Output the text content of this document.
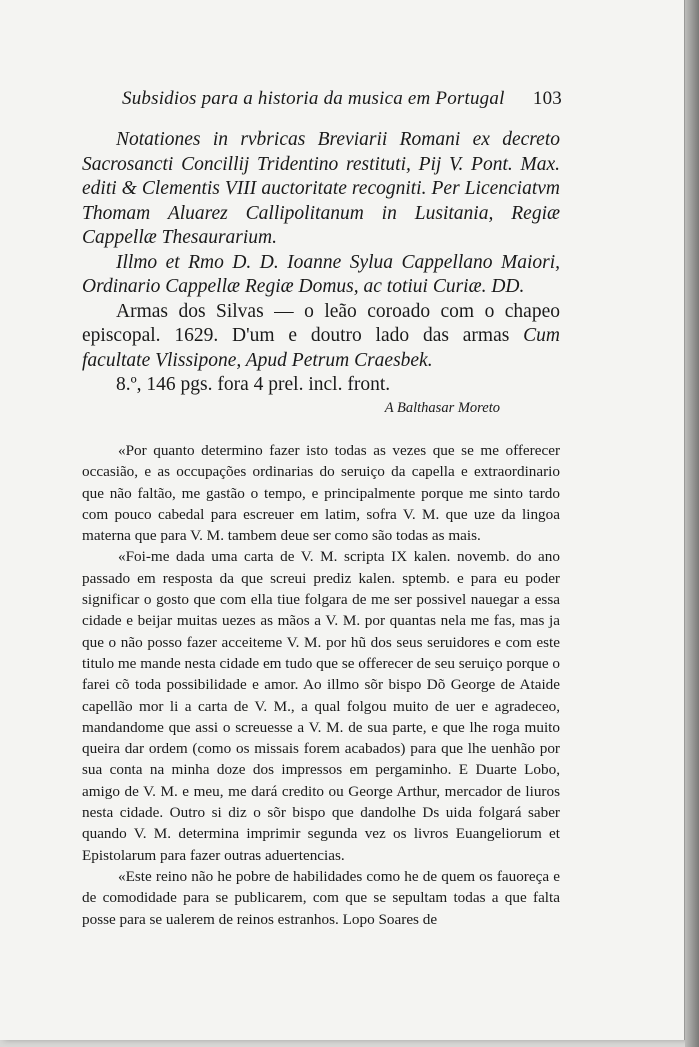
Subsidios para a historia da musica em Portugal 103

Notationes in rvbricas Breviarii Romani ex decreto Sacrosancti Concillij Tridentino restituti, Pij V. Pont. Max. editi & Clementis VIII auctoritate recogniti. Per Licenciatvm Thomam Aluarez Callipolitanum in Lusitania, Regiæ Cappellæ Thesaurarium.

Illmo et Rmo D. D. Ioanne Sylua Cappellano Maiori, Ordinario Cappellæ Regiæ Domus, ac totiui Curiæ. DD.

Armas dos Silvas — o leão coroado com o chapeo episcopal. 1629. D'um e doutro lado das armas Cum facultate Vlissipone, Apud Petrum Craesbek.

8.º, 146 pgs. fora 4 prel. incl. front.

A Balthasar Moreto

«Por quanto determino fazer isto todas as vezes que se me offerecer occasião, e as occupações ordinarias do seruiço da capella e extraordinario que não faltão, me gastão o tempo, e principalmente porque me sinto tardo com pouco cabedal para escreuer em latim, sofra V. M. que uze da lingoa materna que para V. M. tambem deue ser como são todas as mais.

«Foi-me dada uma carta de V. M. scripta IX kalen. novemb. do ano passado em resposta da que screui prediz kalen. sptemb. e para eu poder significar o gosto que com ella tiue folgara de me ser possivel nauegar a essa cidade e beijar muitas uezes as mãos a V. M. por quantas nela me fas, mas ja que o não posso fazer acceiteme V. M. por hũ dos seus seruidores e com este titulo me mande nesta cidade em tudo que se offerecer de seu seruiço porque o farei cõ toda possibilidade e amor. Ao illmo sõr bispo Dõ George de Ataide capellão mor li a carta de V. M., a qual folgou muito de uer e agradeceo, mandandome que assi o screuesse a V. M. de sua parte, e que lhe roga muito queira dar ordem (como os missais forem acabados) para que lhe uenhão por sua conta na minha doze dos impressos em pergaminho. E Duarte Lobo, amigo de V. M. e meu, me dará credito ou George Arthur, mercador de liuros nesta cidade. Outro si diz o sõr bispo que dandolhe Ds uida folgará saber quando V. M. determina imprimir segunda vez os livros Euangeliorum et Epistolarum para fazer outras aduertencias.

«Este reino não he pobre de habilidades como he de quem os fauoreça e de comodidade para se publicarem, com que se sepultam todas a que falta posse para se ualerem de reinos estranhos. Lopo Soares de
